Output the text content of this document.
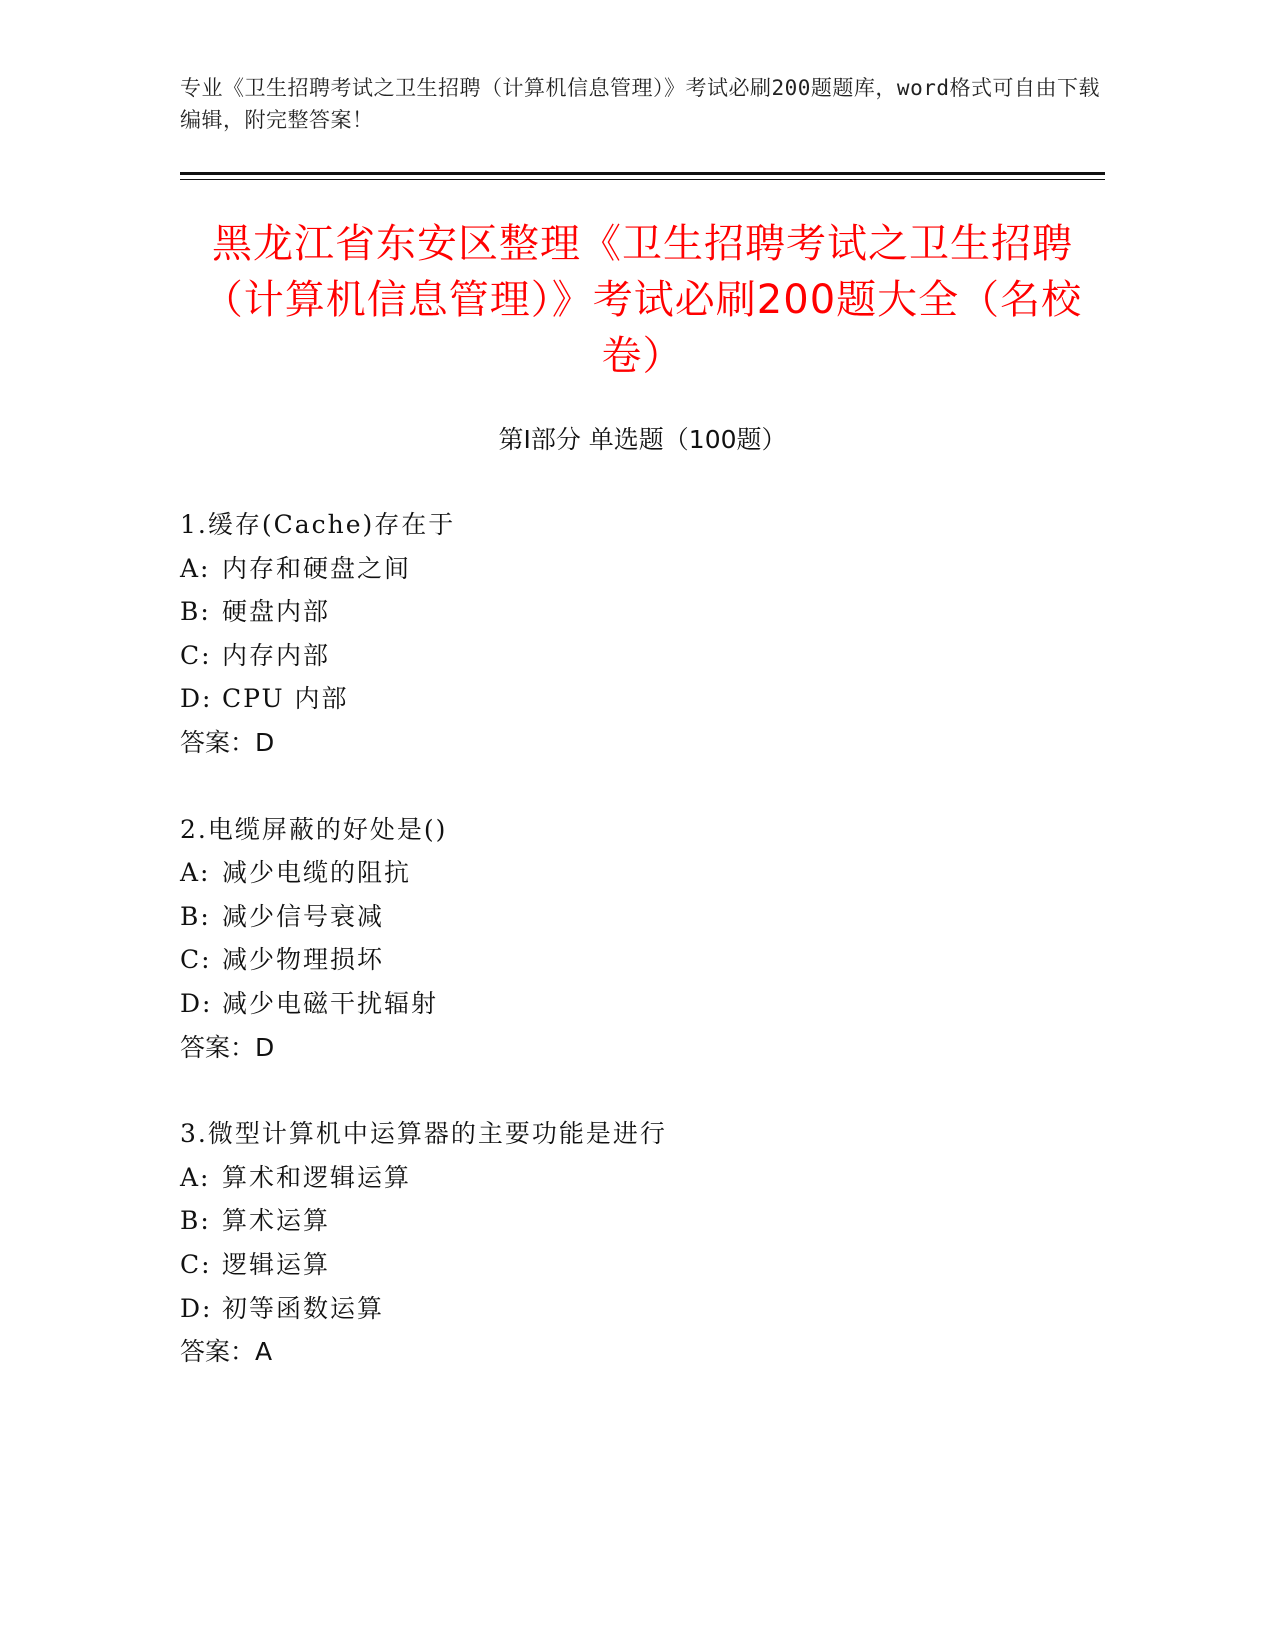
专业《卫生招聘考试之卫生招聘（计算机信息管理）》考试必刷200题题库，word格式可自由下载编辑，附完整答案！
黑龙江省东安区整理《卫生招聘考试之卫生招聘（计算机信息管理）》考试必刷200题大全（名校卷）
第Ⅰ部分 单选题（100题）
1.缓存(Cache)存在于
A: 内存和硬盘之间
B: 硬盘内部
C: 内存内部
D: CPU 内部
答案：D
2.电缆屏蔽的好处是()
A: 减少电缆的阻抗
B: 减少信号衰减
C: 减少物理损坏
D: 减少电磁干扰辐射
答案：D
3.微型计算机中运算器的主要功能是进行
A: 算术和逻辑运算
B: 算术运算
C: 逻辑运算
D: 初等函数运算
答案：A
